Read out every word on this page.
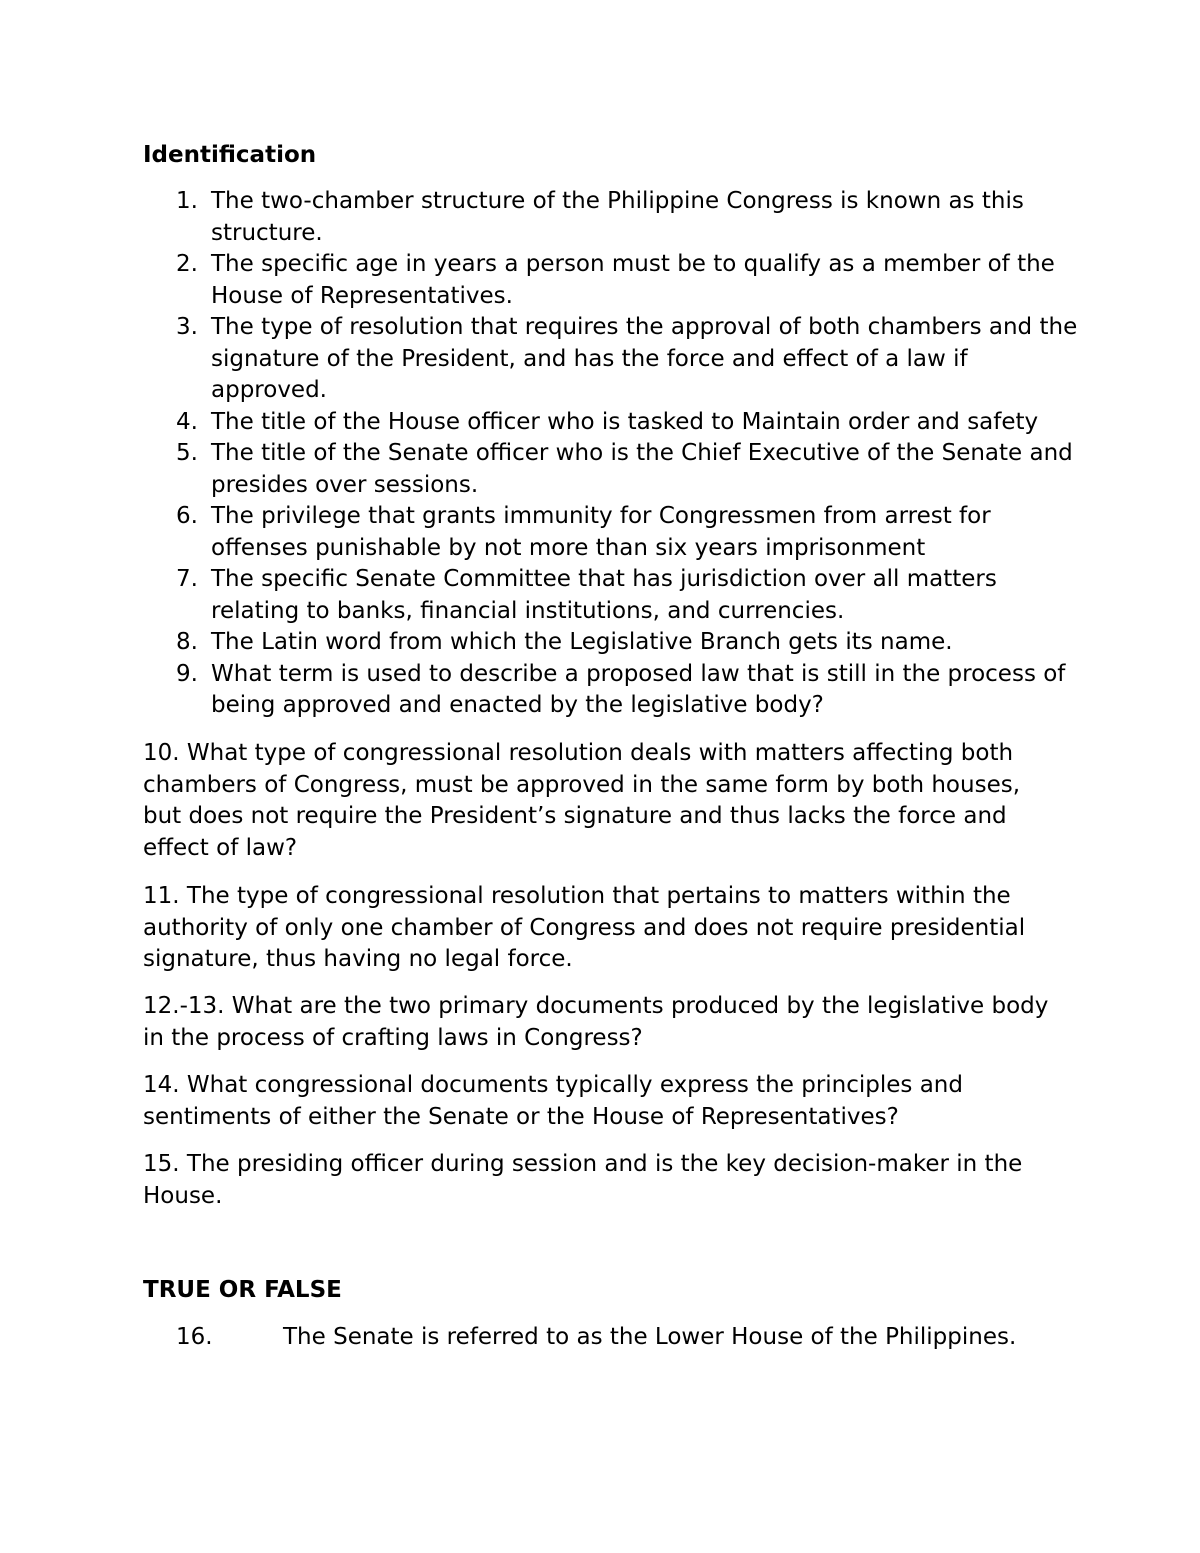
Identification
1. The two-chamber structure of the Philippine Congress is known as this structure.
2. The specific age in years a person must be to qualify as a member of the House of Representatives.
3. The type of resolution that requires the approval of both chambers and the signature of the President, and has the force and effect of a law if approved.
4. The title of the House officer who is tasked to Maintain order and safety
5. The title of the Senate officer who is the Chief Executive of the Senate and presides over sessions.
6. The privilege that grants immunity for Congressmen from arrest for offenses punishable by not more than six years imprisonment
7. The specific Senate Committee that has jurisdiction over all matters relating to banks, financial institutions, and currencies.
8. The Latin word from which the Legislative Branch gets its name.
9. What term is used to describe a proposed law that is still in the process of being approved and enacted by the legislative body?

10. What type of congressional resolution deals with matters affecting both chambers of Congress, must be approved in the same form by both houses, but does not require the President’s signature and thus lacks the force and effect of law?

11. The type of congressional resolution that pertains to matters within the authority of only one chamber of Congress and does not require presidential signature, thus having no legal force.

12.-13. What are the two primary documents produced by the legislative body in the process of crafting laws in Congress?

14. What congressional documents typically express the principles and sentiments of either the Senate or the House of Representatives?

15. The presiding officer during session and is the key decision-maker in the House.

TRUE OR FALSE
16.	The Senate is referred to as the Lower House of the Philippines.
